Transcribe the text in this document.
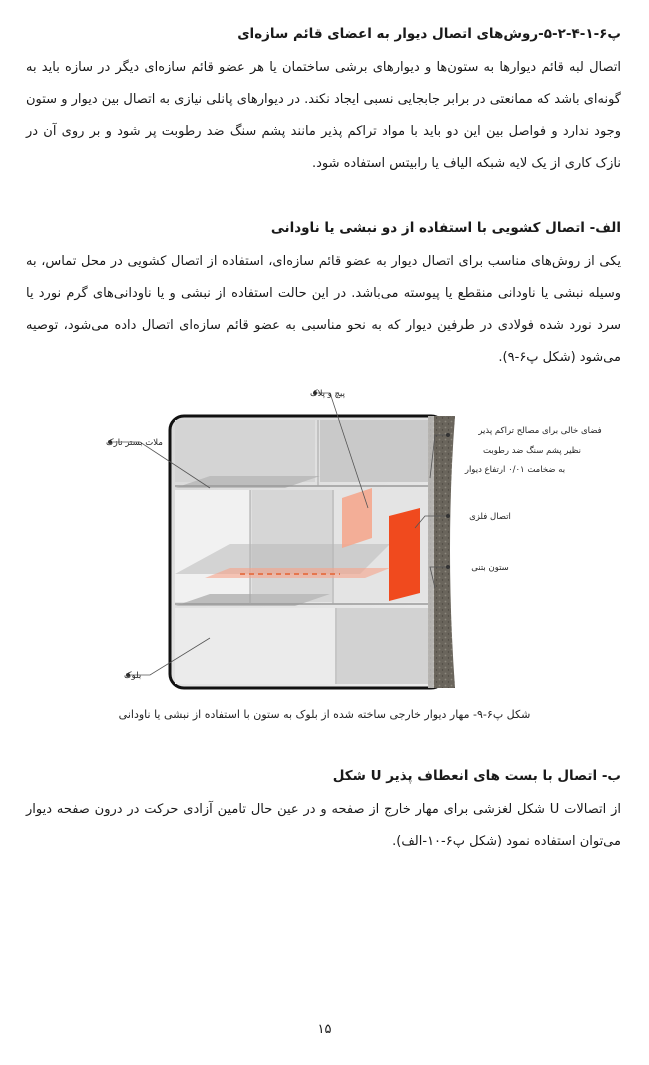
پ۶-۱-۴-۲-۵-روش‌های اتصال دیوار به اعضای قائم سازه‌ای

اتصال لبه قائم دیوارها به ستون‌ها و دیوارهای برشی ساختمان یا هر عضو قائم سازه‌ای دیگر در سازه باید به گونه‌ای باشد که ممانعتی در برابر جابجایی نسبی ایجاد نکند. در دیوارهای پانلی نیازی به اتصال بین دیوار و ستون وجود ندارد و فواصل بین این دو باید با مواد تراکم پذیر مانند پشم سنگ ضد رطوبت پر شود و بر روی آن در نازک کاری از یک لایه شبکه الیاف یا رابیتس استفاده شود.

الف- اتصال کشویی با استفاده از دو نبشی یا ناودانی

یکی از روش‌های مناسب برای اتصال دیوار به عضو قائم سازه‌ای، استفاده از اتصال کشویی در محل تماس، به وسیله نبشی یا ناودانی منقطع یا پیوسته می‌باشد. در این حالت استفاده از نبشی و یا ناودانی‌های گرم نورد یا سرد نورد شده فولادی در طرفین دیوار که به نحو مناسبی به عضو قائم سازه‌ای اتصال داده می‌شود، توصیه می‌شود (شکل پ۶-۹).

پیچ و پلاک
ملات بستر نازک
فضای خالی برای مصالح تراکم پذیر
نظیر پشم سنگ ضد رطوبت
به ضخامت ۰/۰۱ ارتفاع دیوار
اتصال فلزی
ستون بتنی
بلوک
شکل پ۶-۹- مهار دیوار خارجی ساخته شده از بلوک به ستون با استفاده از نبشی یا ناودانی
ب- اتصال با بست های انعطاف پذیر U شکل

از اتصالات U شکل لغزشی برای مهار خارج از صفحه و در عین حال تامین آزادی حرکت در درون صفحه دیوار می‌توان استفاده نمود (شکل پ۶-۱۰-الف).

۱۵
